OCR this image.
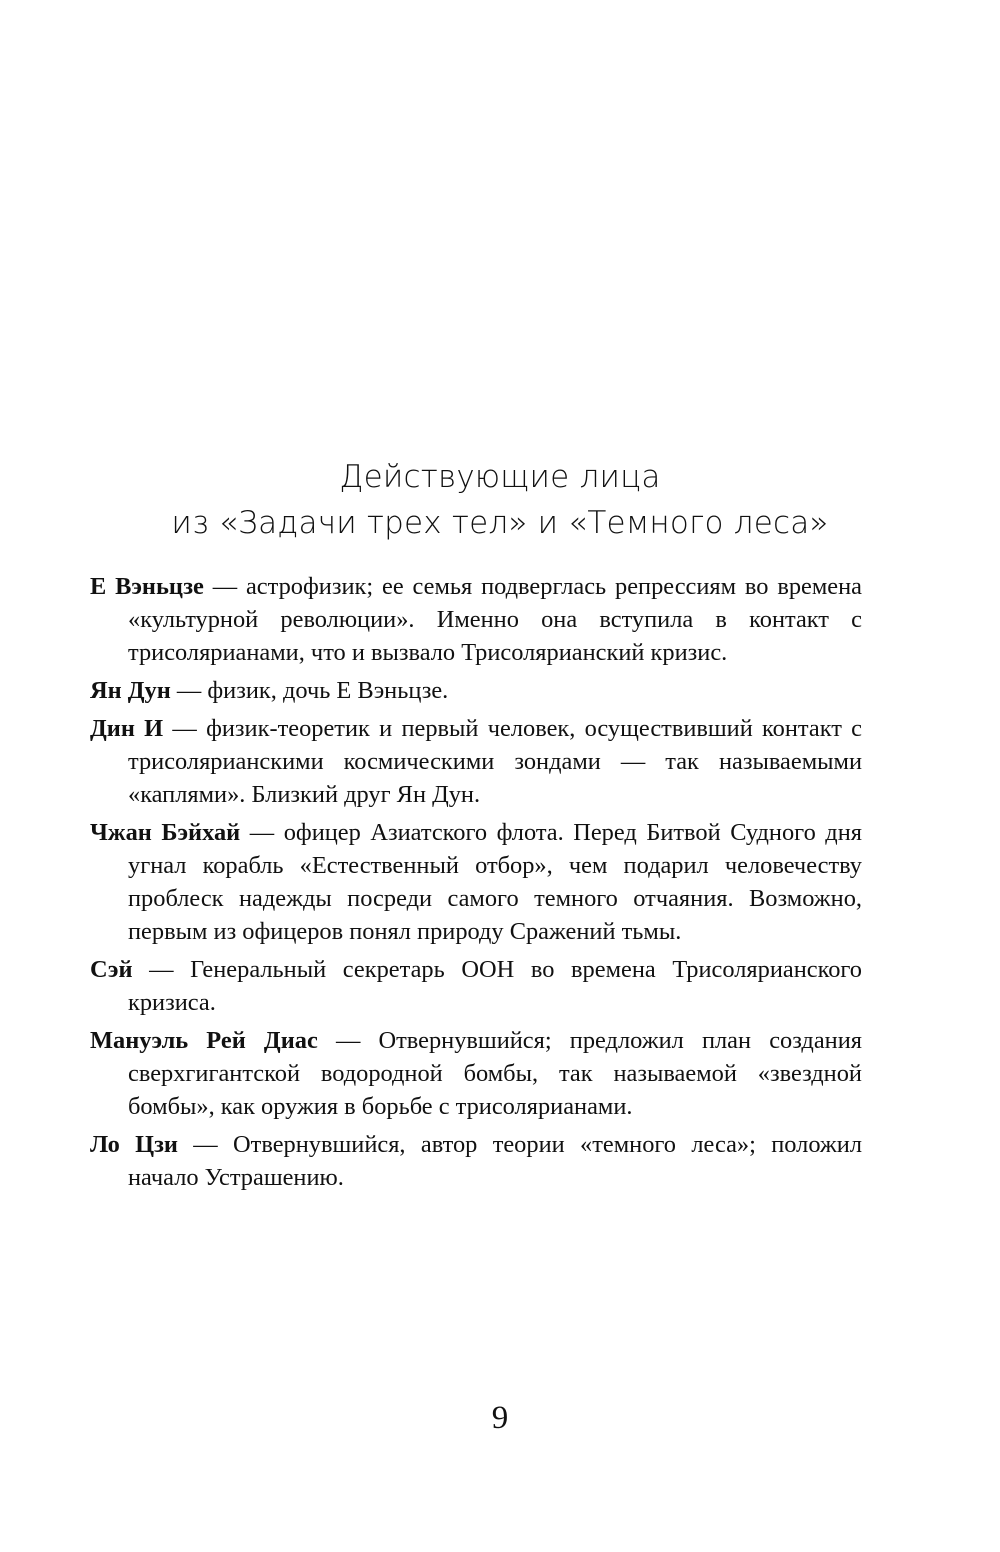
Действующие лица
из «Задачи трех тел» и «Темного леса»

Е Вэньцзе — астрофизик; ее семья подверглась репрессиям во времена «культурной революции». Именно она вступила в контакт с трисолярианами, что и вызвало Трисолярианский кризис.

Ян Дун — физик, дочь Е Вэньцзе.

Дин И — физик-теоретик и первый человек, осуществивший контакт с трисолярианскими космическими зондами — так называемыми «каплями». Близкий друг Ян Дун.

Чжан Бэйхай — офицер Азиатского флота. Перед Битвой Судного дня угнал корабль «Естественный отбор», чем подарил человечеству проблеск надежды посреди самого темного отчаяния. Возможно, первым из офицеров понял природу Сражений тьмы.

Сэй — Генеральный секретарь ООН во времена Трисолярианского кризиса.

Мануэль Рей Диас — Отвернувшийся; предложил план создания сверхгигантской водородной бомбы, так называемой «звездной бомбы», как оружия в борьбе с трисолярианами.

Ло Цзи — Отвернувшийся, автор теории «темного леса»; положил начало Устрашению.

9
